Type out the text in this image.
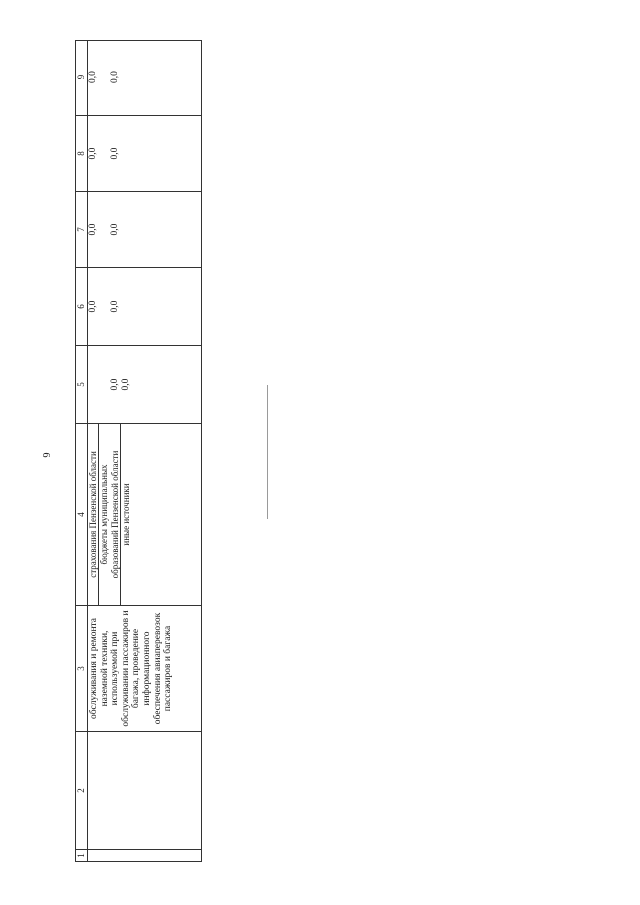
6
1
2
3 обслуживания и ремонта наземной техники, используемой при обслуживании пассажиров и багажа, проведение информационного обеспечения авиаперевозок пассажиров и багажа
4 страхования Пензенской области бюджеты муниципальных образований Пензенской области иные источники
5	0,0 0,0
6 0,0 0,0
7 0,0 0,0
8 0,0 0,0
9 0,0 0,0
